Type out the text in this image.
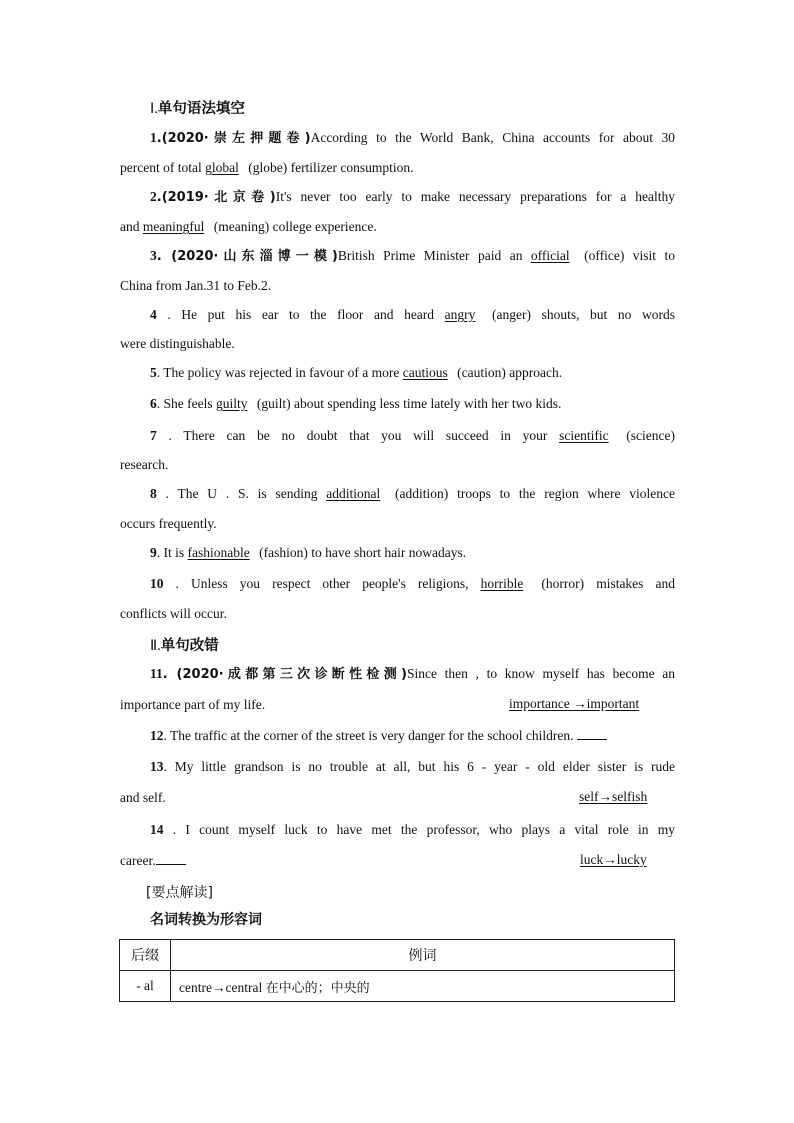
Ⅰ.单句语法填空
1.(2020·崇左押题卷)According to the World Bank, China accounts for about 30
percent of total global (globe) fertilizer consumption.
2.(2019·北京卷)It's never too early to make necessary preparations for a healthy
and meaningful (meaning) college experience.
3. (2020·山东淄博一模)British Prime Minister paid an official (office) visit to
China from Jan.31 to Feb.2.
4 . He put his ear to the floor and heard angry (anger) shouts, but no words
were distinguishable.
5. The policy was rejected in favour of a more cautious (caution) approach.
6. She feels guilty (guilt) about spending less time lately with her two kids.
7 . There can be no doubt that you will succeed in your scientific (science)
research.
8 . The U . S. is sending additional (addition) troops to the region where violence
occurs frequently.
9. It is fashionable (fashion) to have short hair nowadays.
10 . Unless you respect other people's religions, horrible (horror) mistakes and
conflicts will occur.
Ⅱ.单句改错
11. (2020·成都第三次诊断性检测)Since then , to know myself has become an
importance part of my life.	importance →important
12. The traffic at the corner of the street is very danger for the school children.
13. My little grandson is no trouble at all, but his 6 - year - old elder sister is rude
and self.	self→selfish
14 . I count myself luck to have met the professor, who plays a vital role in my
career.	luck→lucky
[要点解读]
名词转换为形容词
后缀	例词
- al	centre→central 在中心的；中央的
